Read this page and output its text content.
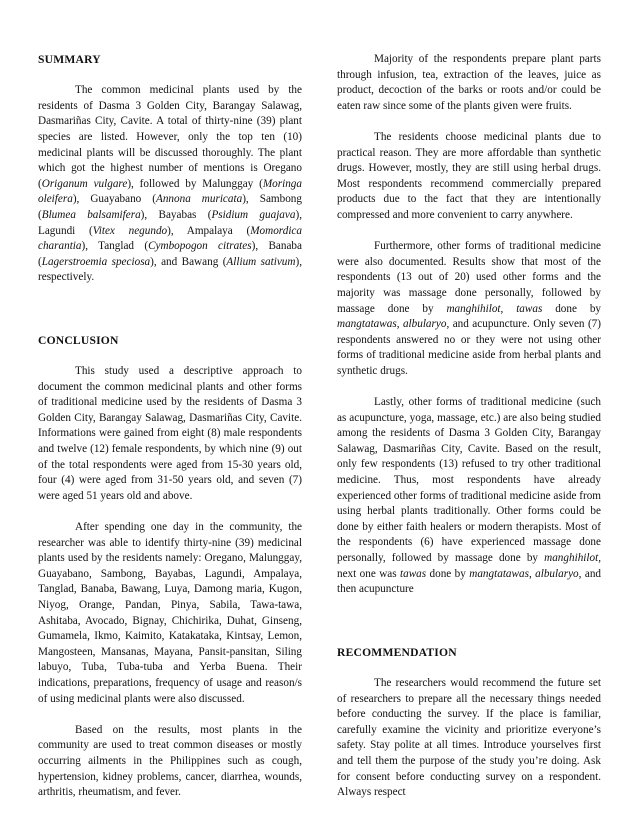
SUMMARY

The common medicinal plants used by the residents of Dasma 3 Golden City, Barangay Salawag, Dasmariñas City, Cavite. A total of thirty-nine (39) plant species are listed. However, only the top ten (10) medicinal plants will be discussed thoroughly. The plant which got the highest number of mentions is Oregano (Origanum vulgare), followed by Malunggay (Moringa oleifera), Guayabano (Annona muricata), Sambong (Blumea balsamifera), Bayabas (Psidium guajava), Lagundi (Vitex negundo), Ampalaya (Momordica charantia), Tanglad (Cymbopogon citrates), Banaba (Lagerstroemia speciosa), and Bawang (Allium sativum), respectively.

CONCLUSION

This study used a descriptive approach to document the common medicinal plants and other forms of traditional medicine used by the residents of Dasma 3 Golden City, Barangay Salawag, Dasmariñas City, Cavite. Informations were gained from eight (8) male respondents and twelve (12) female respondents, by which nine (9) out of the total respondents were aged from 15-30 years old, four (4) were aged from 31-50 years old, and seven (7) were aged 51 years old and above.

After spending one day in the community, the researcher was able to identify thirty-nine (39) medicinal plants used by the residents namely: Oregano, Malunggay, Guayabano, Sambong, Bayabas, Lagundi, Ampalaya, Tanglad, Banaba, Bawang, Luya, Damong maria, Kugon, Niyog, Orange, Pandan, Pinya, Sabila, Tawa-tawa, Ashitaba, Avocado, Bignay, Chichirika, Duhat, Ginseng, Gumamela, Ikmo, Kaimito, Katakataka, Kintsay, Lemon, Mangosteen, Mansanas, Mayana, Pansit-pansitan, Siling labuyo, Tuba, Tuba-tuba and Yerba Buena. Their indications, preparations, frequency of usage and reason/s of using medicinal plants were also discussed.

Based on the results, most plants in the community are used to treat common diseases or mostly occurring ailments in the Philippines such as cough, hypertension, kidney problems, cancer, diarrhea, wounds, arthritis, rheumatism, and fever.

Majority of the respondents prepare plant parts through infusion, tea, extraction of the leaves, juice as product, decoction of the barks or roots and/or could be eaten raw since some of the plants given were fruits.

The residents choose medicinal plants due to practical reason. They are more affordable than synthetic drugs. However, mostly, they are still using herbal drugs. Most respondents recommend commercially prepared products due to the fact that they are intentionally compressed and more convenient to carry anywhere.

Furthermore, other forms of traditional medicine were also documented. Results show that most of the respondents (13 out of 20) used other forms and the majority was massage done personally, followed by massage done by manghihilot, tawas done by mangtatawas, albularyo, and acupuncture. Only seven (7) respondents answered no or they were not using other forms of traditional medicine aside from herbal plants and synthetic drugs.

Lastly, other forms of traditional medicine (such as acupuncture, yoga, massage, etc.) are also being studied among the residents of Dasma 3 Golden City, Barangay Salawag, Dasmariñas City, Cavite. Based on the result, only few respondents (13) refused to try other traditional medicine. Thus, most respondents have already experienced other forms of traditional medicine aside from using herbal plants traditionally. Other forms could be done by either faith healers or modern therapists. Most of the respondents (6) have experienced massage done personally, followed by massage done by manghihilot, next one was tawas done by mangtatawas, albularyo, and then acupuncture

RECOMMENDATION

The researchers would recommend the future set of researchers to prepare all the necessary things needed before conducting the survey. If the place is familiar, carefully examine the vicinity and prioritize everyone’s safety. Stay polite at all times. Introduce yourselves first and tell them the purpose of the study you’re doing. Ask for consent before conducting survey on a respondent. Always respect
